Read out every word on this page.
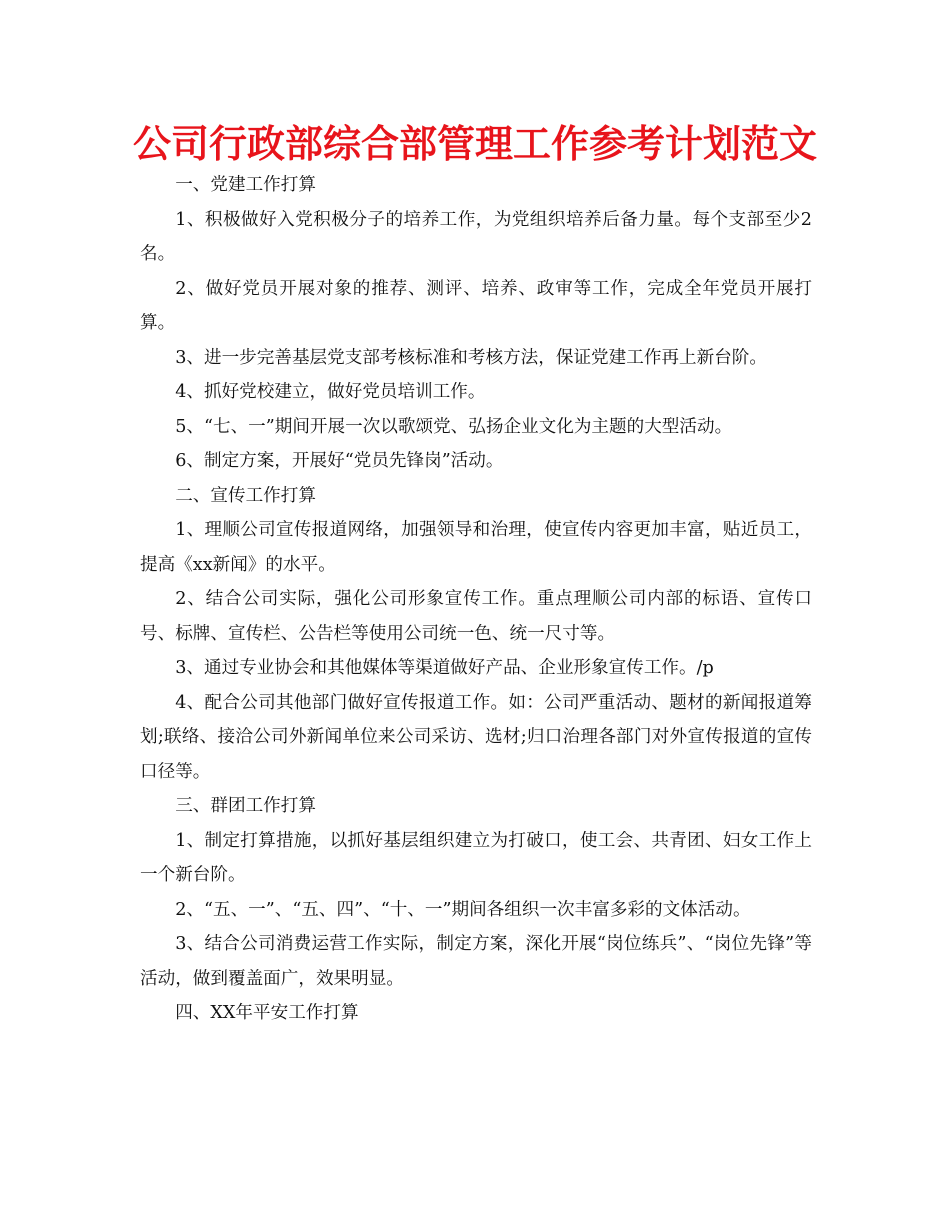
公司行政部综合部管理工作参考计划范文

一、党建工作打算

1、积极做好入党积极分子的培养工作，为党组织培养后备力量。每个支部至少2名。

2、做好党员开展对象的推荐、测评、培养、政审等工作，完成全年党员开展打算。

3、进一步完善基层党支部考核标准和考核方法，保证党建工作再上新台阶。

4、抓好党校建立，做好党员培训工作。

5、“七、一”期间开展一次以歌颂党、弘扬企业文化为主题的大型活动。

6、制定方案，开展好“党员先锋岗”活动。

二、宣传工作打算

1、理顺公司宣传报道网络，加强领导和治理，使宣传内容更加丰富，贴近员工，提高《xx新闻》的水平。

2、结合公司实际，强化公司形象宣传工作。重点理顺公司内部的标语、宣传口号、标牌、宣传栏、公告栏等使用公司统一色、统一尺寸等。

3、通过专业协会和其他媒体等渠道做好产品、企业形象宣传工作。/p

4、配合公司其他部门做好宣传报道工作。如：公司严重活动、题材的新闻报道筹划;联络、接洽公司外新闻单位来公司采访、选材;归口治理各部门对外宣传报道的宣传口径等。

三、群团工作打算

1、制定打算措施，以抓好基层组织建立为打破口，使工会、共青团、妇女工作上一个新台阶。

2、“五、一”、“五、四”、“十、一”期间各组织一次丰富多彩的文体活动。

3、结合公司消费运营工作实际，制定方案，深化开展“岗位练兵”、“岗位先锋”等活动，做到覆盖面广，效果明显。

四、XX年平安工作打算
